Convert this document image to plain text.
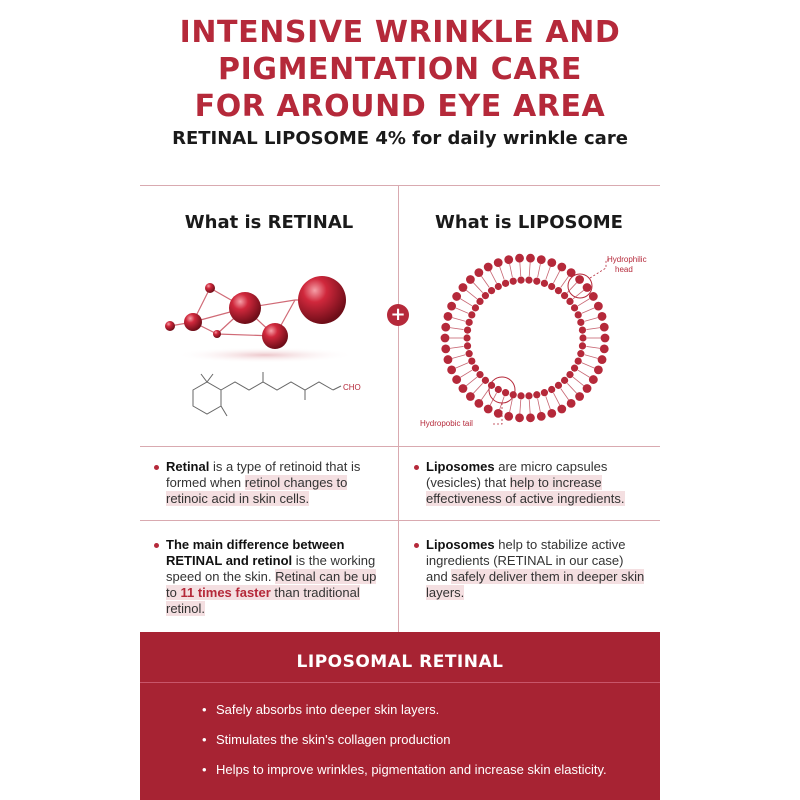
INTENSIVE WRINKLE AND
PIGMENTATION CARE
FOR AROUND EYE AREA
RETINAL LIPOSOME 4% for daily wrinkle care
What is RETINAL	What is LIPOSOME
CHO
+
Hydrophilic
head
Hydropobic tail
Retinal is a type of retinoid that is formed when retinol changes to retinoic acid in skin cells.
The main difference between RETINAL and retinol is the working speed on the skin. Retinal can be up to 11 times faster than traditional retinol.
Liposomes are micro capsules (vesicles) that help to increase effectiveness of active ingredients.
Liposomes help to stabilize active ingredients (RETINAL in our case) and safely deliver them in deeper skin layers.
LIPOSOMAL RETINAL
• Safely absorbs into deeper skin layers.
• Stimulates the skin's collagen production
• Helps to improve wrinkles, pigmentation and increase skin elasticity.
